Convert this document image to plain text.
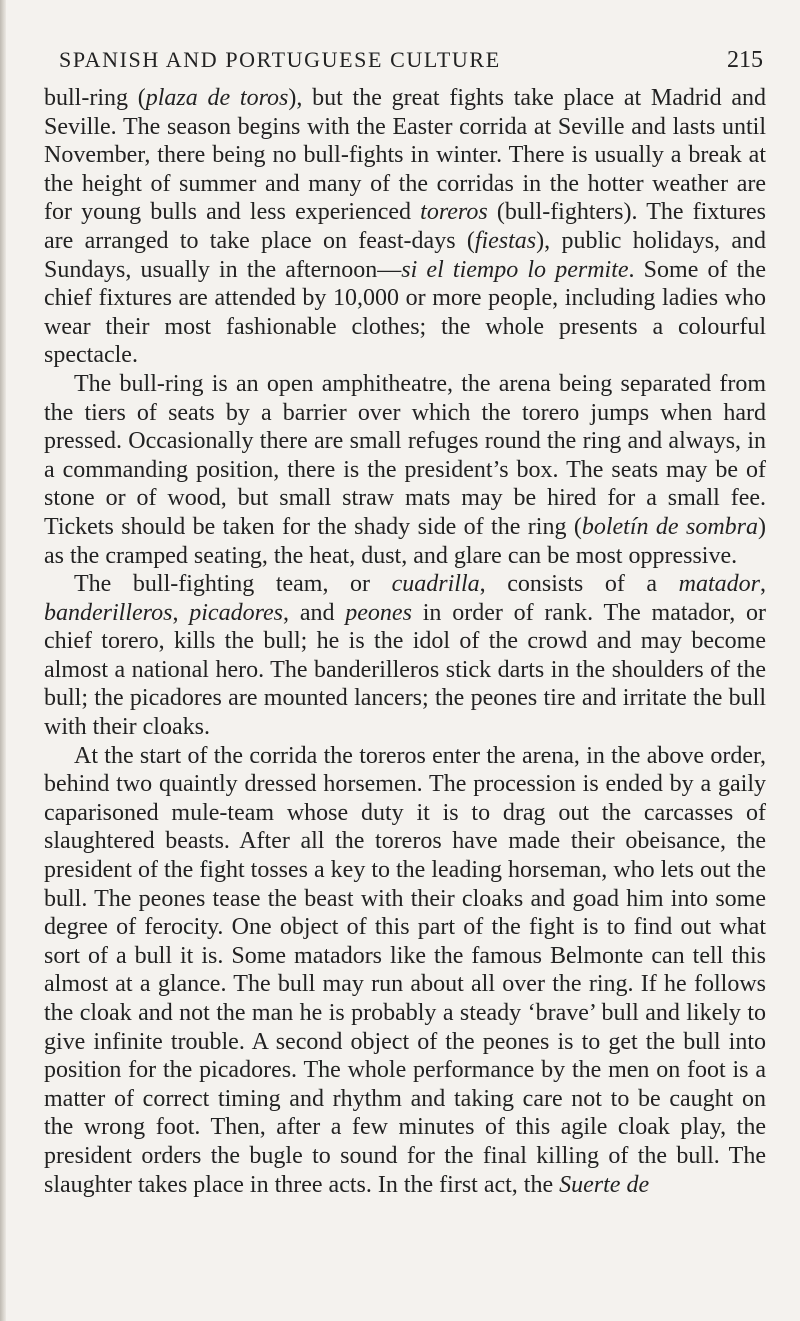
SPANISH AND PORTUGUESE CULTURE	215

bull-ring (plaza de toros), but the great fights take place at Madrid and Seville. The season begins with the Easter corrida at Seville and lasts until November, there being no bull-fights in winter. There is usually a break at the height of summer and many of the corridas in the hotter weather are for young bulls and less experienced toreros (bull-fighters). The fixtures are arranged to take place on feast-days (fiestas), public holidays, and Sundays, usually in the afternoon—si el tiempo lo permite. Some of the chief fixtures are attended by 10,000 or more people, including ladies who wear their most fashionable clothes; the whole presents a colourful spectacle.

The bull-ring is an open amphitheatre, the arena being separated from the tiers of seats by a barrier over which the torero jumps when hard pressed. Occasionally there are small refuges round the ring and always, in a commanding position, there is the president’s box. The seats may be of stone or of wood, but small straw mats may be hired for a small fee. Tickets should be taken for the shady side of the ring (boletín de sombra) as the cramped seating, the heat, dust, and glare can be most oppressive.

The bull-fighting team, or cuadrilla, consists of a matador, banderilleros, picadores, and peones in order of rank. The matador, or chief torero, kills the bull; he is the idol of the crowd and may become almost a national hero. The banderilleros stick darts in the shoulders of the bull; the picadores are mounted lancers; the peones tire and irritate the bull with their cloaks.

At the start of the corrida the toreros enter the arena, in the above order, behind two quaintly dressed horsemen. The procession is ended by a gaily caparisoned mule-team whose duty it is to drag out the carcasses of slaughtered beasts. After all the toreros have made their obeisance, the president of the fight tosses a key to the leading horseman, who lets out the bull. The peones tease the beast with their cloaks and goad him into some degree of ferocity. One object of this part of the fight is to find out what sort of a bull it is. Some matadors like the famous Belmonte can tell this almost at a glance. The bull may run about all over the ring. If he follows the cloak and not the man he is probably a steady ‘brave’ bull and likely to give infinite trouble. A second object of the peones is to get the bull into position for the picadores. The whole performance by the men on foot is a matter of correct timing and rhythm and taking care not to be caught on the wrong foot. Then, after a few minutes of this agile cloak play, the president orders the bugle to sound for the final killing of the bull. The slaughter takes place in three acts. In the first act, the Suerte de
